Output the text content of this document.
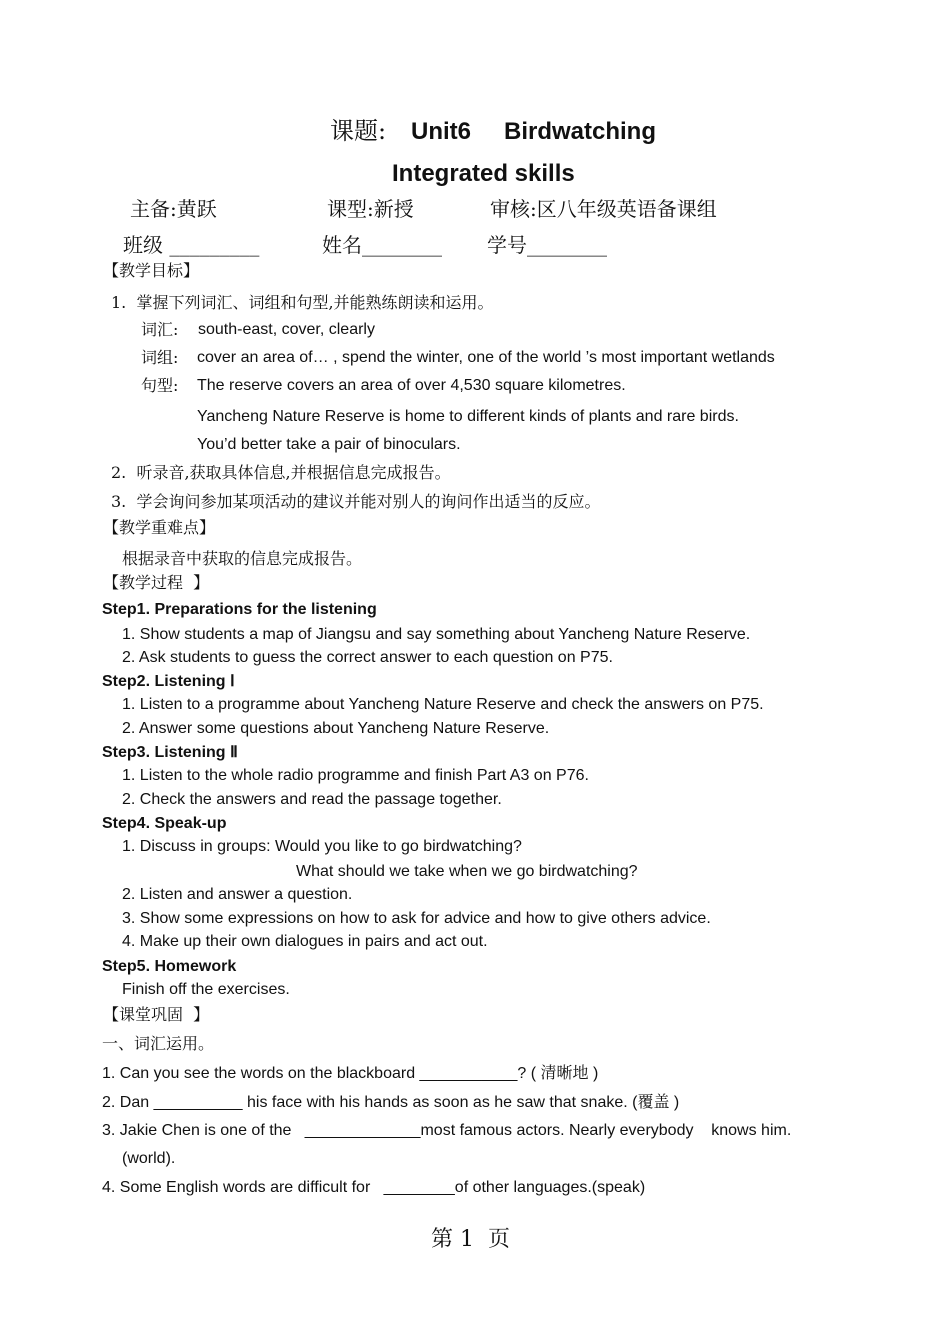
课题: Unit6 Birdwatching
Integrated skills
主备:黄跃	课型:新授	审核:区八年级英语备课组
班级 _________	姓名________ 学号________
【教学目标】
1.  掌握下列词汇、词组和句型,并能熟练朗读和运用。
词汇: south-east, cover, clearly
词组: cover an area of… , spend the winter, one of the world ’s most important wetlands
句型: The reserve covers an area of over 4,530 square kilometres.
Yancheng Nature Reserve is home to different kinds of plants and rare birds.
You’d better take a pair of binoculars.
2.  听录音,获取具体信息,并根据信息完成报告。
3.  学会询问参加某项活动的建议并能对别人的询问作出适当的反应。
【教学重难点】
根据录音中获取的信息完成报告。
【教学过程  】
Step1. Preparations for the listening
1. Show students a map of Jiangsu and say something about Yancheng Nature Reserve.
2. Ask students to guess the correct answer to each question on P75.
Step2. Listening Ⅰ
1. Listen to a programme about Yancheng Nature Reserve and check the answers on P75.
2. Answer some questions about Yancheng Nature Reserve.
Step3. Listening Ⅱ
1. Listen to the whole radio programme and finish Part A3 on P76.
2. Check the answers and read the passage together.
Step4. Speak-up
1. Discuss in groups: Would you like to go birdwatching?
What should we take when we go birdwatching?
2. Listen and answer a question.
3. Show some expressions on how to ask for advice and how to give others advice.
4. Make up their own dialogues in pairs and act out.
Step5. Homework
Finish off the exercises.
【课堂巩固  】
一、词汇运用。
1. Can you see the words on the blackboard ___________? ( 清晰地 )
2. Dan __________ his face with his hands as soon as he saw that snake. (覆盖 )
3. Jakie Chen is one of the   _____________most famous actors. Nearly everybody    knows him.
(world).
4. Some English words are difficult for   ________of other languages.(speak)
第 1  页
